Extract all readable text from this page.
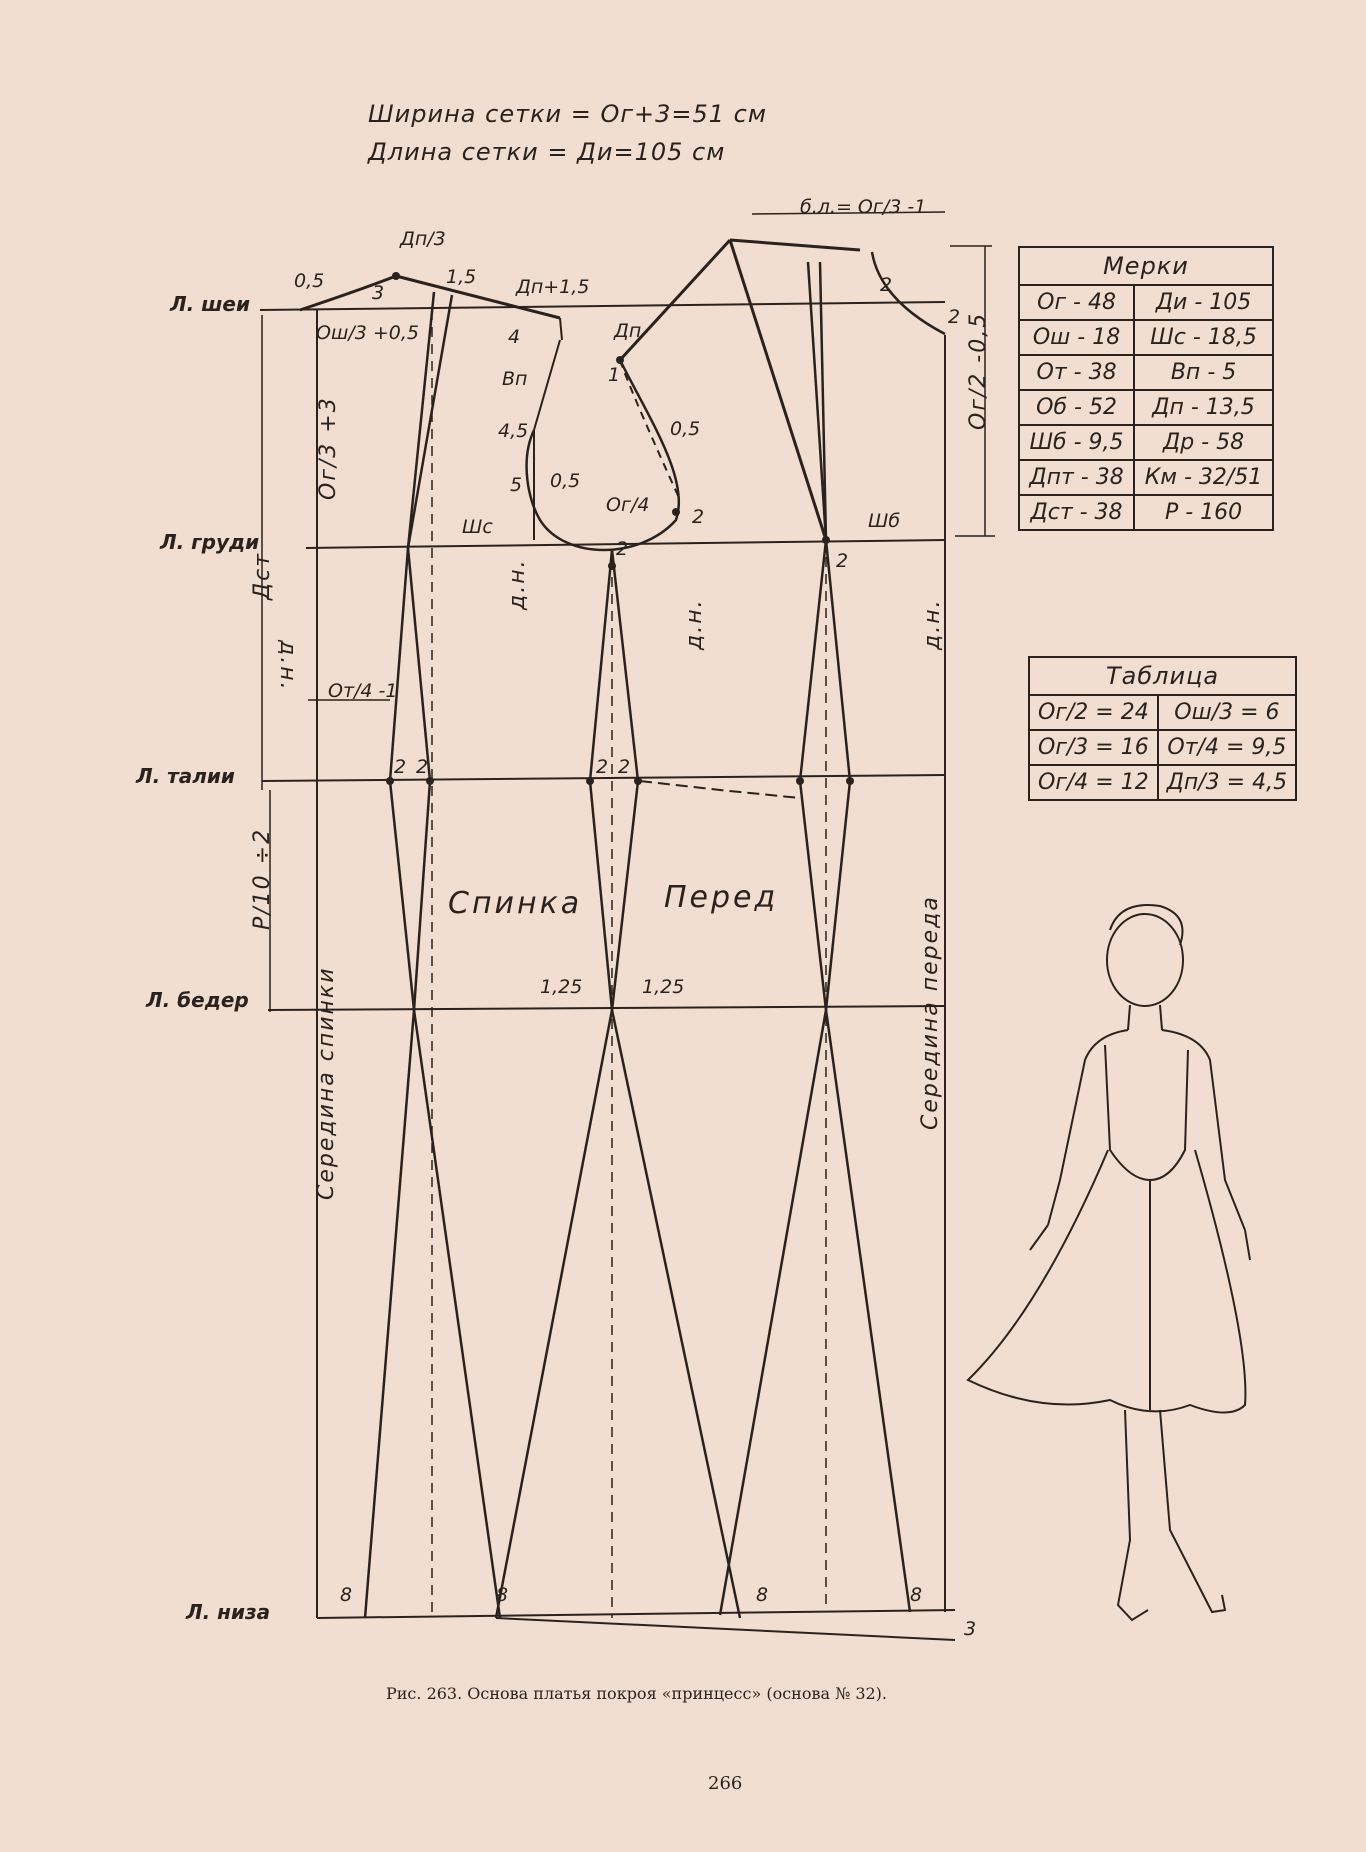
Ширина сетки = Ог+3=51 см
Длина сетки = Ди=105 см
Л. шеи
Л. груди
Л. талии
Л. бедер
Л. низа
Спинка	Перед
Середина спинки	Середина переда
д.н.
д.н.
д.н.	д.н.
Дст
Ог/3 +3
Р/10 ÷2
Ог/2 -0,5
Дп/3
Дп+1,5
Дп
Вп
Шс	Шб
б.л.= Ог/3 -1
Ош/3 +0,5
Ог/4
От/4 -1
0,5
3
1,5
4
4,5
5 0,5
0,5
1
2
2
2
2
2
1,25	1,25
2 2	2 2
8	8	8	8
3
Мерки	
Ог - 48	Ди - 105
Ош - 18	Шс - 18,5
От - 38	Вп - 5
Об - 52	Дп - 13,5
Шб - 9,5	Др - 58
Дпт - 38	Км - 32/51
Дст - 38	Р - 160
Таблица	
Ог/2 = 24	Ош/3 = 6
Ог/3 = 16	От/4 = 9,5
Ог/4 = 12	Дп/3 = 4,5
Рис. 263. Основа платья покроя «принцесс» (основа № 32).
266
